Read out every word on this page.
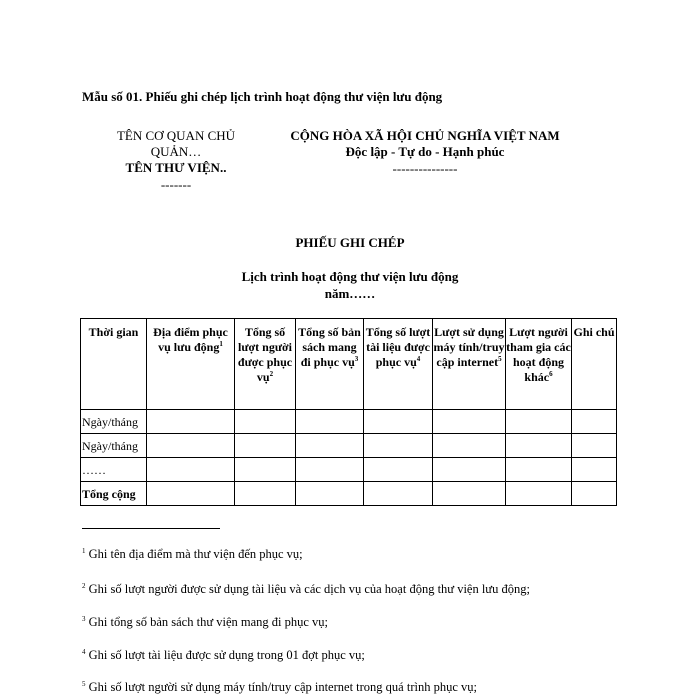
Mẫu số 01. Phiếu ghi chép lịch trình hoạt động thư viện lưu động
TÊN CƠ QUAN CHỦ
QUẢN…
TÊN THƯ VIỆN..
-------
CỘNG HÒA XÃ HỘI CHỦ NGHĨA VIỆT NAM
Độc lập - Tự do - Hạnh phúc
---------------
PHIẾU GHI CHÉP
Lịch trình hoạt động thư viện lưu động
năm……
Thời gian	Địa điểm phục vụ lưu động$^1$	Tổng số lượt người được phục vụ$^2$	Tổng số bản sách mang đi phục vụ$^3$	Tổng số lượt tài liệu được phục vụ$^4$	Lượt sử dụng máy tính/truy cập internet$^5$	Lượt người tham gia các hoạt động khác$^6$	Ghi chú
Ngày/tháng							
Ngày/tháng							
……							
Tổng cộng							
$^1$ Ghi tên địa điểm mà thư viện đến phục vụ;
$^2$ Ghi số lượt người được sử dụng tài liệu và các dịch vụ của hoạt động thư viện lưu động;
$^3$ Ghi tổng số bản sách thư viện mang đi phục vụ;
$^4$ Ghi số lượt tài liệu được sử dụng trong 01 đợt phục vụ;
$^5$ Ghi số lượt người sử dụng máy tính/truy cập internet trong quá trình phục vụ;
